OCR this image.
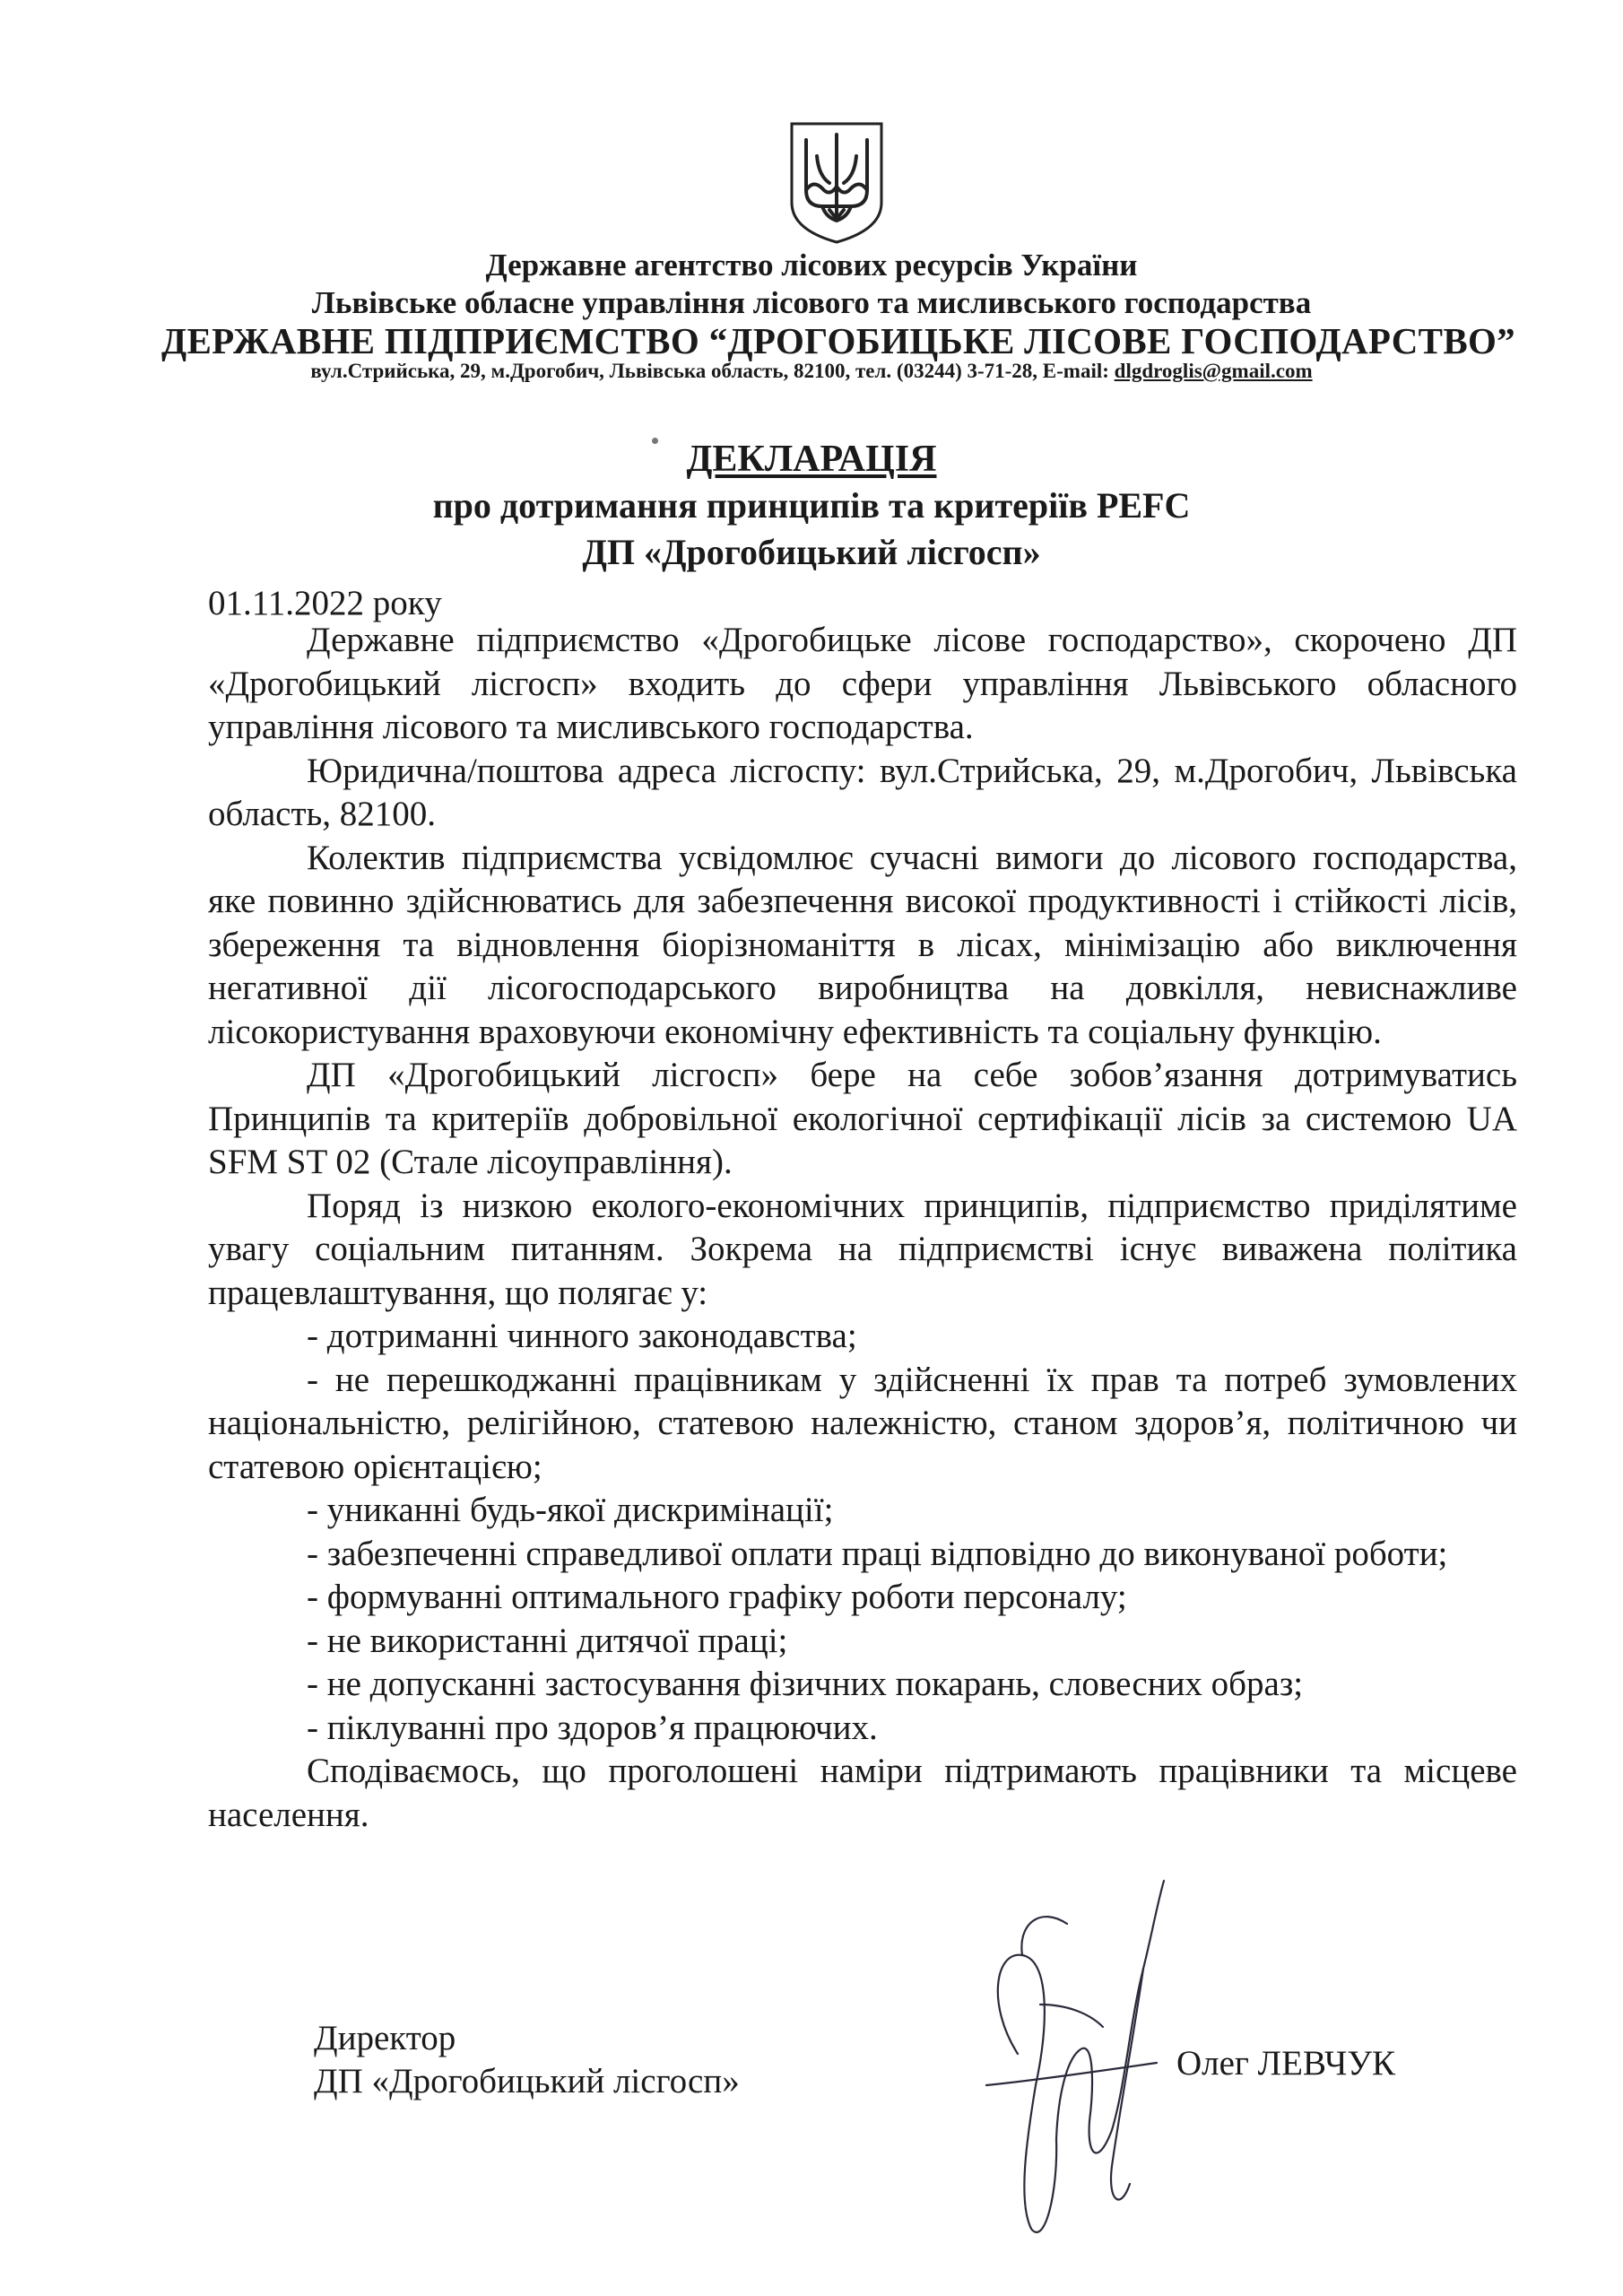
Державне агентство лісових ресурсів України
Львівське обласне управління лісового та мисливського господарства
ДЕРЖАВНЕ ПІДПРИЄМСТВО “ДРОГОБИЦЬКЕ ЛІСОВЕ ГОСПОДАРСТВО”
вул.Стрийська, 29, м.Дрогобич, Львівська область, 82100, тел. (03244) 3-71-28, E-mail: dlgdroglis@gmail.com
ДЕКЛАРАЦІЯ
про дотримання принципів та критеріїв PEFC
ДП «Дрогобицький лісгосп»
01.11.2022 року

Державне підприємство «Дрогобицьке лісове господарство», скорочено ДП «Дрогобицький лісгосп» входить до сфери управління Львівського обласного управління лісового та мисливського господарства.

Юридична/поштова адреса лісгоспу: вул.Стрийська, 29, м.Дрогобич, Львівська область, 82100.

Колектив підприємства усвідомлює сучасні вимоги до лісового господарства, яке повинно здійснюватись для забезпечення високої продуктивності і стійкості лісів, збереження та відновлення біорізноманіття в лісах, мінімізацію або виключення негативної дії лісогосподарського виробництва на довкілля, невиснажливе лісокористування враховуючи економічну ефективність та соціальну функцію.

ДП «Дрогобицький лісгосп» бере на себе зобов’язання дотримуватись Принципів та критеріїв добровільної екологічної сертифікації лісів за системою UA SFM ST 02 (Стале лісоуправління).

Поряд із низкою еколого-економічних принципів, підприємство приділятиме увагу соціальним питанням. Зокрема на підприємстві існує виважена політика працевлаштування, що полягає у:

- дотриманні чинного законодавства;

- не перешкоджанні працівникам у здійсненні їх прав та потреб зумовлених національністю, релігійною, статевою належністю, станом здоров’я, політичною чи статевою орієнтацією;

- униканні будь-якої дискримінації;

- забезпеченні справедливої оплати праці відповідно до виконуваної роботи;

- формуванні оптимального графіку роботи персоналу;

- не використанні дитячої праці;

- не допусканні застосування фізичних покарань, словесних образ;

- піклуванні про здоров’я працюючих.

Сподіваємось, що проголошені наміри підтримають працівники та місцеве населення.

Директор
ДП «Дрогобицький лісгосп»	Олег ЛЕВЧУК
